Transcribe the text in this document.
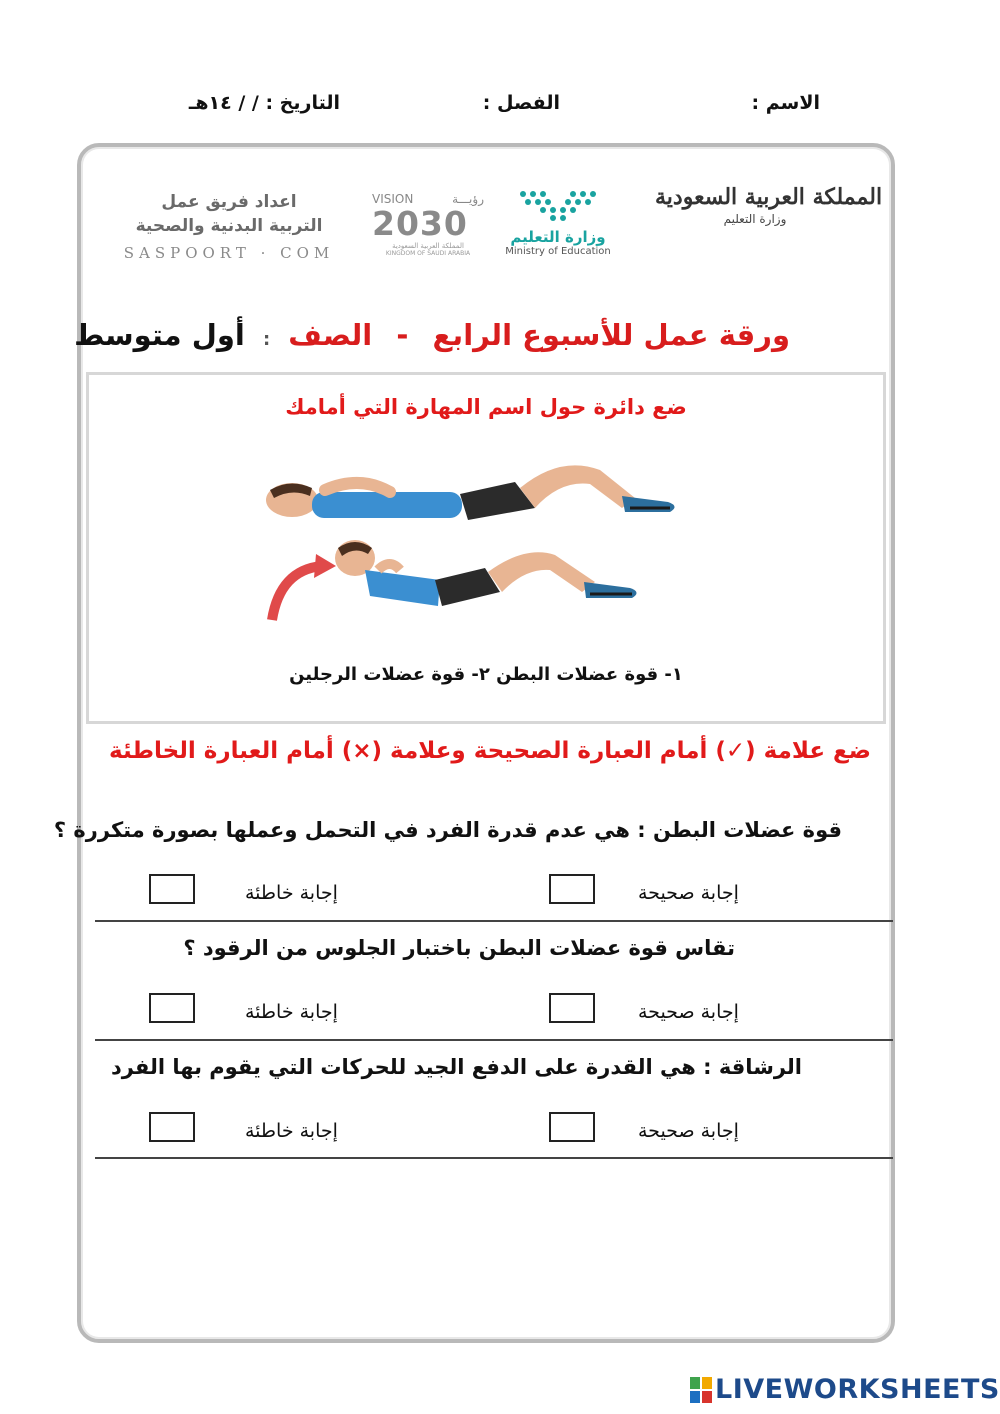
الاسم :
الفصل :
التاريخ : / / ١٤هـ
المملكة العربية السعودية
وزارة التعليم
وزارة التعليم
Ministry of Education
VISION	رؤيـــة
2030
المملكة العربية السعودية
KINGDOM OF SAUDI ARABIA
اعداد فريق عمل
التربية البدنية والصحية
SASPOORT · COM
ورقة عمل للأسبوع الرابع - الصف : أول متوسط
ضع دائرة حول اسم المهارة التي أمامك
١- قوة عضلات البطن ٢- قوة عضلات الرجلين
ضع علامة (✓) أمام العبارة الصحيحة وعلامة (×) أمام العبارة الخاطئة
قوة عضلات البطن : هي عدم قدرة الفرد في التحمل وعملها بصورة متكررة ؟
إجابة صحيحة
إجابة خاطئة
تقاس قوة عضلات البطن باختبار الجلوس من الرقود ؟
إجابة صحيحة
إجابة خاطئة
الرشاقة : هي القدرة على الدفع الجيد للحركات التي يقوم بها الفرد
إجابة صحيحة
إجابة خاطئة
LIVEWORKSHEETS
